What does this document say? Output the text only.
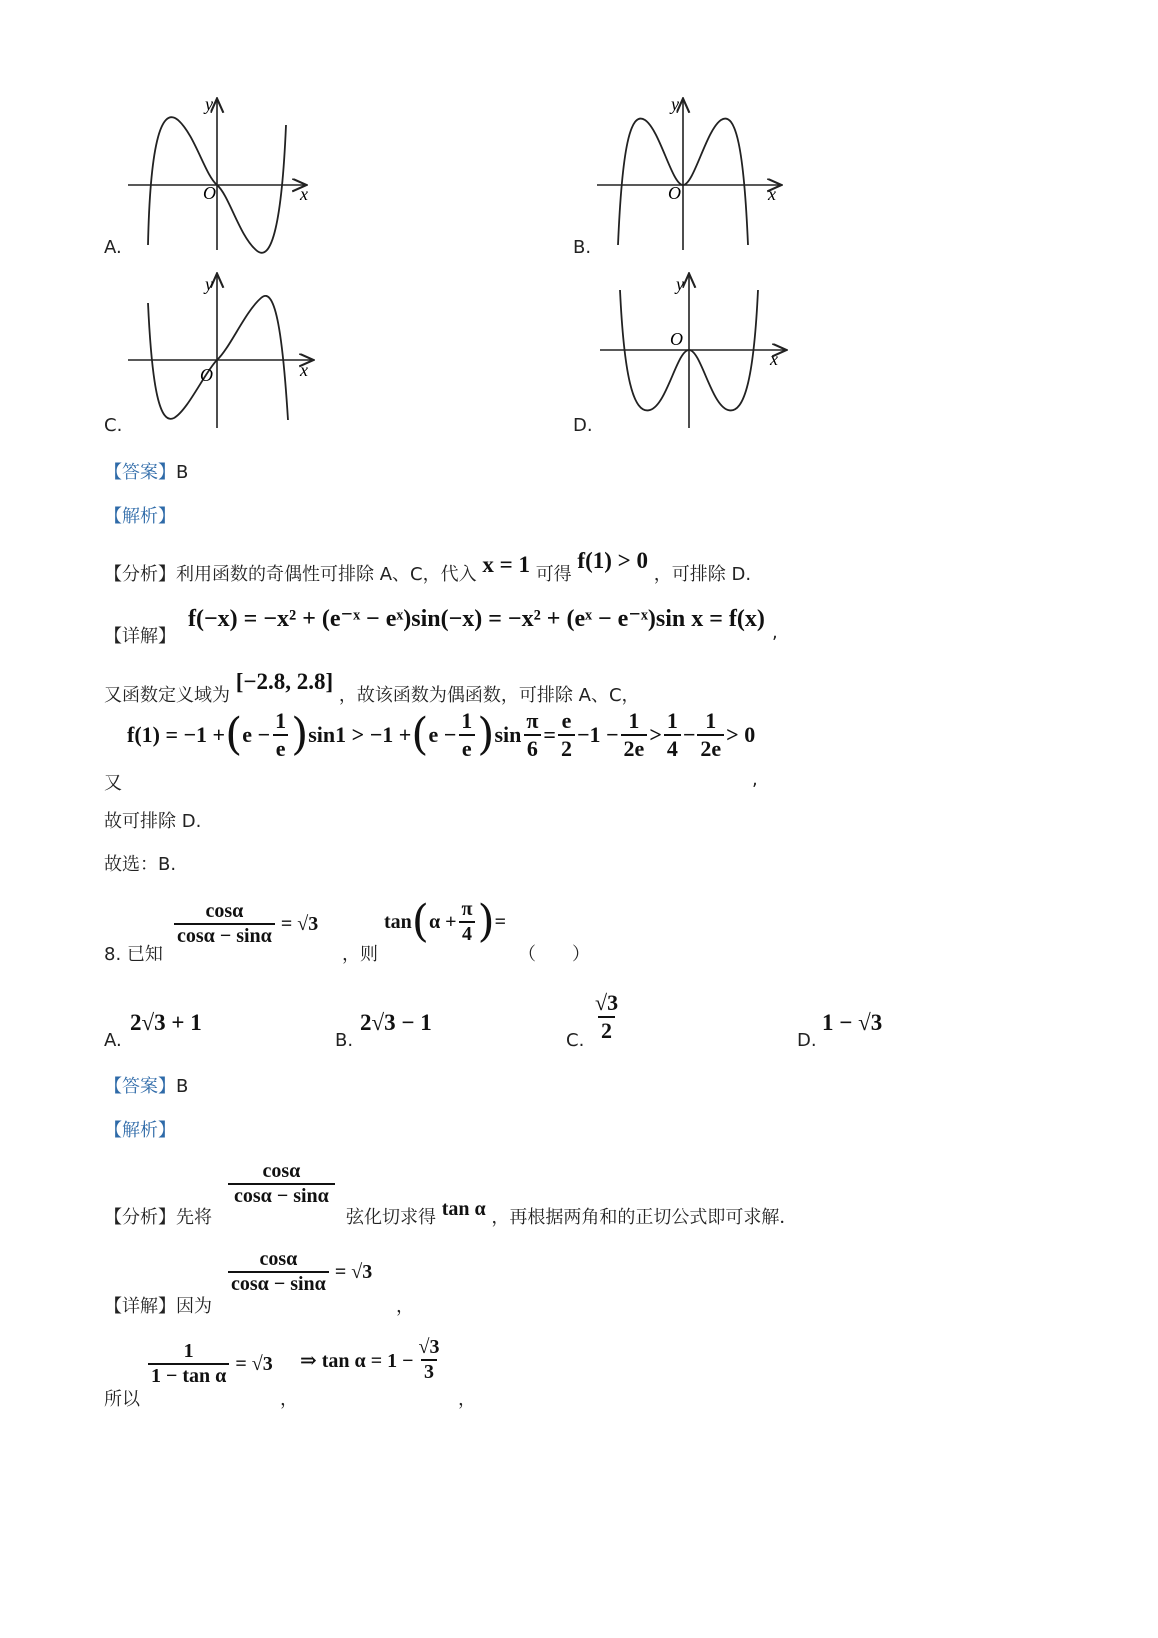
O
y
x	O
y
x
O
y
x
O
y
x
A.	B.
C.	D.
【答案】B
【解析】
【分析】利用函数的奇偶性可排除 A、C，代入 x = 1 可得 f(1) > 0 ，可排除 D.
【详解】
f(−x) = −x² + (e⁻ˣ − eˣ)sin(−x) = −x² + (eˣ − e⁻ˣ)sin x = f(x)
,
又函数定义域为 [−2.8, 2.8] ，故该函数为偶函数，可排除 A、C，
又
f(1) = −1 + ( $e - \frac{1}{e}$ ) sin1 > −1 + ( $e - \frac{1}{e}$ ) $\sin \frac{\pi}{6} = \frac{e}{2} -1 - \frac{1}{2e} > \frac{1}{4} - \frac{1}{2e} > 0$
,
故可排除 D.
故选：B.
8. 已知
$\frac{\cos\alpha}{\cos\alpha - \sin\alpha} = √3$
，则
tan ( $\alpha + \frac{\pi}{4}$ ) =
（　　）
A.
2√3 + 1
B.
2√3 − 1
C. $\frac{√3}{2}$	D.
1 − √3
【答案】B
【解析】
【分析】先将
$\frac{\cos\alpha}{\cos\alpha - \sin\alpha}$
弦化切求得 tan α ，再根据两角和的正切公式即可求解．
【详解】因为
$\frac{\cos\alpha}{\cos\alpha - \sin\alpha} = √3$
，
所以
$\frac{1}{\text{1 − tan α}} = √3$
，
⇒ $\tan \alpha = 1 - \frac{√3}{3}$
，
